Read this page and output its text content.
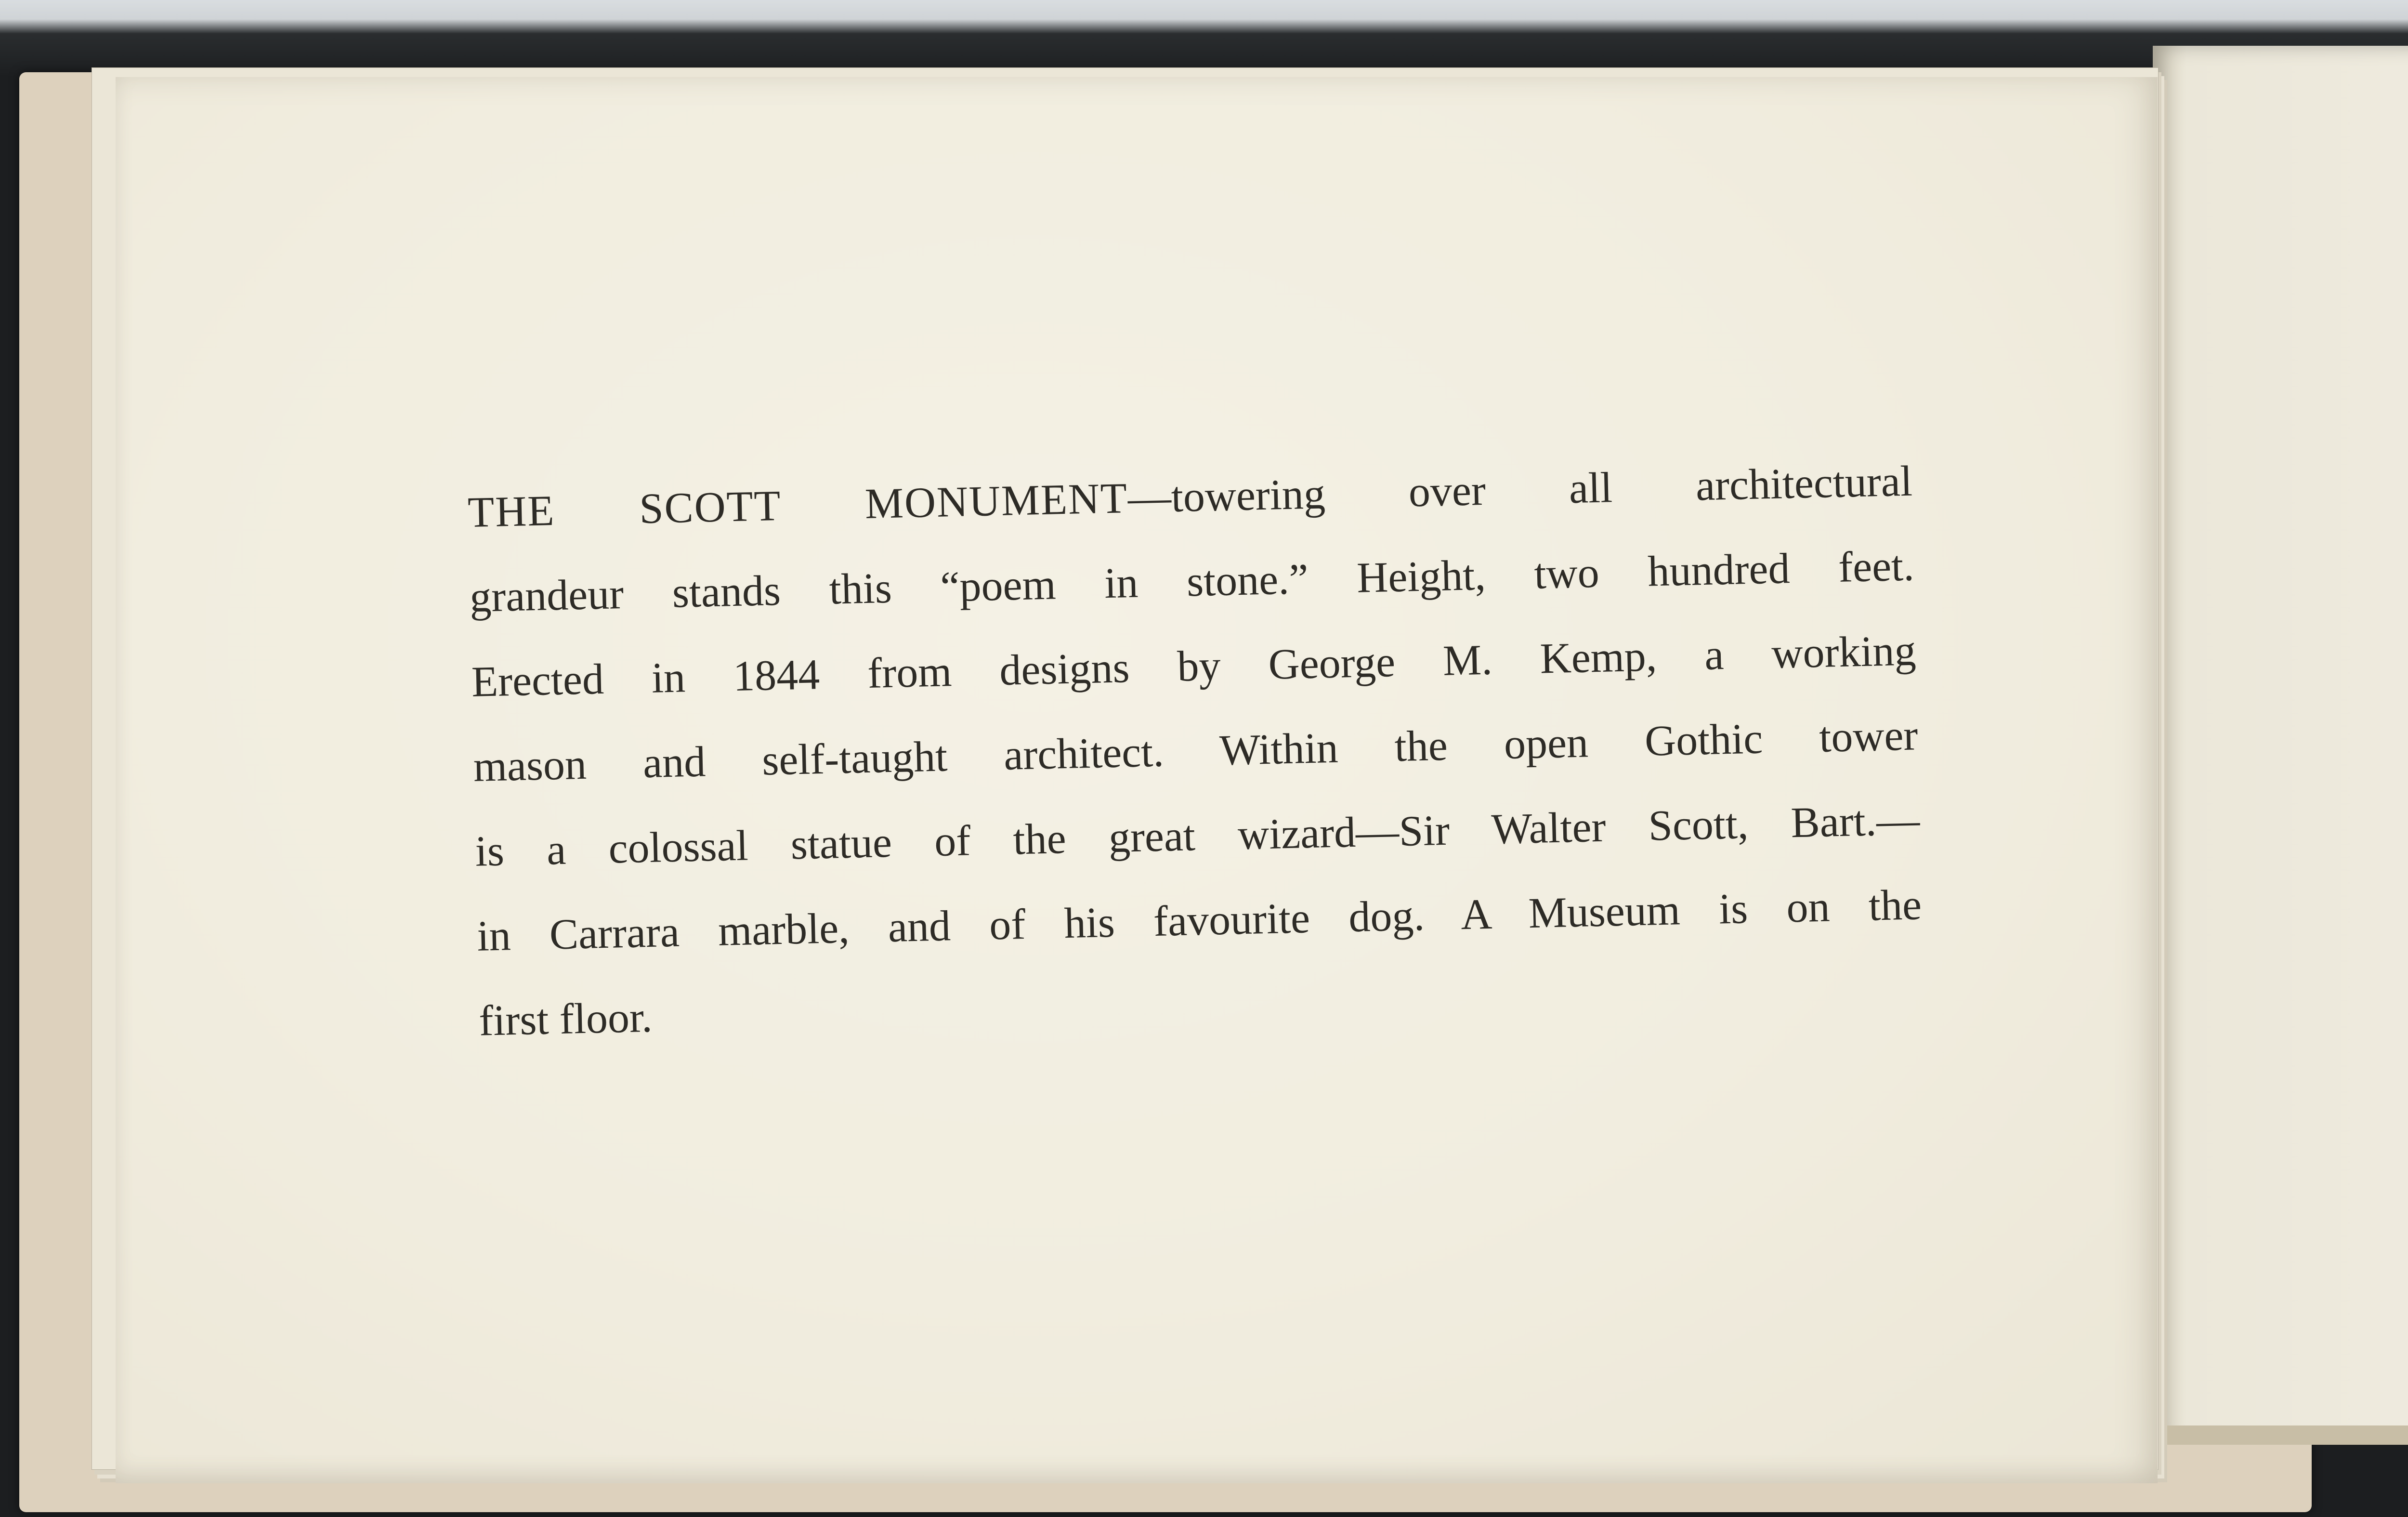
THE SCOTT MONUMENT—towering over all architectural
grandeur stands this “poem in stone.” Height, two hundred feet.
Erected in 1844 from designs by George M. Kemp, a working
mason and self-taught architect. Within the open Gothic tower
is a colossal statue of the great wizard—Sir Walter Scott, Bart.—
in Carrara marble, and of his favourite dog. A Museum is on the
first floor.
